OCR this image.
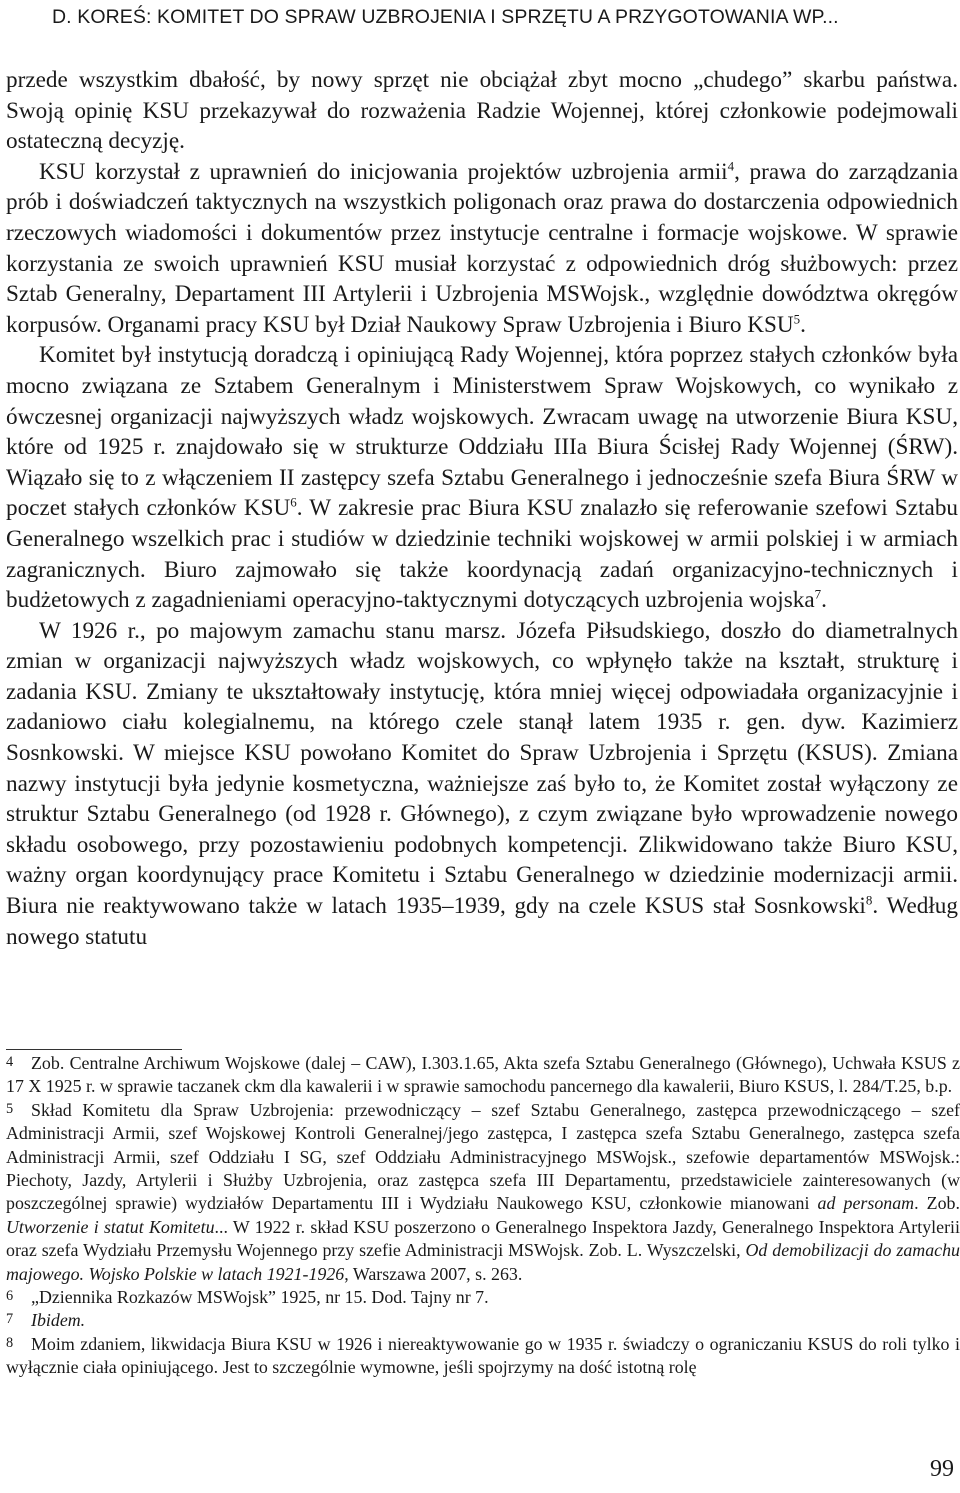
D. KOREŚ: KOMITET DO SPRAW UZBROJENIA I SPRZĘTU A PRZYGOTOWANIA WP...

przede wszystkim dbałość, by nowy sprzęt nie obciążał zbyt mocno „chudego” skarbu państwa. Swoją opinię KSU przekazywał do rozważenia Radzie Wojennej, której członkowie podejmowali ostateczną decyzję.

KSU korzystał z uprawnień do inicjowania projektów uzbrojenia armii$^4$, prawa do zarządzania prób i doświadczeń taktycznych na wszystkich poligonach oraz prawa do dostarczenia odpowiednich rzeczowych wiadomości i dokumentów przez instytucje centralne i formacje wojskowe. W sprawie korzystania ze swoich uprawnień KSU musiał korzystać z odpowiednich dróg służbowych: przez Sztab Generalny, Departament III Artylerii i Uzbrojenia MSWojsk., względnie dowództwa okręgów korpusów. Organami pracy KSU był Dział Naukowy Spraw Uzbrojenia i Biuro KSU$^5$.

Komitet był instytucją doradczą i opiniującą Rady Wojennej, która poprzez stałych członków była mocno związana ze Sztabem Generalnym i Ministerstwem Spraw Wojskowych, co wynikało z ówczesnej organizacji najwyższych władz wojskowych. Zwracam uwagę na utworzenie Biura KSU, które od 1925 r. znajdowało się w strukturze Oddziału IIIa Biura Ścisłej Rady Wojennej (ŚRW). Wiązało się to z włączeniem II zastępcy szefa Sztabu Generalnego i jednocześnie szefa Biura ŚRW w poczet stałych członków KSU$^6$. W zakresie prac Biura KSU znalazło się referowanie szefowi Sztabu Generalnego wszelkich prac i studiów w dziedzinie techniki wojskowej w armii polskiej i w armiach zagranicznych. Biuro zajmowało się także koordynacją zadań organizacyjno-technicznych i budżetowych z zagadnieniami operacyjno-taktycznymi dotyczących uzbrojenia wojska$^7$.

W 1926 r., po majowym zamachu stanu marsz. Józefa Piłsudskiego, doszło do diametralnych zmian w organizacji najwyższych władz wojskowych, co wpłynęło także na kształt, strukturę i zadania KSU. Zmiany te ukształtowały instytucję, która mniej więcej odpowiadała organizacyjnie i zadaniowo ciału kolegialnemu, na którego czele stanął latem 1935 r. gen. dyw. Kazimierz Sosnkowski. W miejsce KSU powołano Komitet do Spraw Uzbrojenia i Sprzętu (KSUS). Zmiana nazwy instytucji była jedynie kosmetyczna, ważniejsze zaś było to, że Komitet został wyłączony ze struktur Sztabu Generalnego (od 1928 r. Głównego), z czym związane było wprowadzenie nowego składu osobowego, przy pozostawieniu podobnych kompetencji. Zlikwidowano także Biuro KSU, ważny organ koordynujący prace Komitetu i Sztabu Generalnego w dziedzinie modernizacji armii. Biura nie reaktywowano także w latach 1935–1939, gdy na czele KSUS stał Sosnkowski$^8$. Według nowego statutu

4 Zob. Centralne Archiwum Wojskowe (dalej – CAW), I.303.1.65, Akta szefa Sztabu Generalnego (Głównego), Uchwała KSUS z 17 X 1925 r. w sprawie taczanek ckm dla kawalerii i w sprawie samochodu pancernego dla kawalerii, Biuro KSUS, l. 284/T.25, b.p.

5 Skład Komitetu dla Spraw Uzbrojenia: przewodniczący – szef Sztabu Generalnego, zastępca przewodniczącego – szef Administracji Armii, szef Wojskowej Kontroli Generalnej/jego zastępca, I zastępca szefa Sztabu Generalnego, zastępca szefa Administracji Armii, szef Oddziału I SG, szef Oddziału Administracyjnego MSWojsk., szefowie departamentów MSWojsk.: Piechoty, Jazdy, Artylerii i Służby Uzbrojenia, oraz zastępca szefa III Departamentu, przedstawiciele zainteresowanych (w poszczególnej sprawie) wydziałów Departamentu III i Wydziału Naukowego KSU, członkowie mianowani ad personam. Zob. Utworzenie i statut Komitetu... W 1922 r. skład KSU poszerzono o Generalnego Inspektora Jazdy, Generalnego Inspektora Artylerii oraz szefa Wydziału Przemysłu Wojennego przy szefie Administracji MSWojsk. Zob. L. Wyszczelski, Od demobilizacji do zamachu majowego. Wojsko Polskie w latach 1921-1926, Warszawa 2007, s. 263.

6 „Dziennika Rozkazów MSWojsk” 1925, nr 15. Dod. Tajny nr 7.

7 Ibidem.

8 Moim zdaniem, likwidacja Biura KSU w 1926 i niereaktywowanie go w 1935 r. świadczy o ograniczaniu KSUS do roli tylko i wyłącznie ciała opiniującego. Jest to szczególnie wymowne, jeśli spojrzymy na dość istotną rolę

99
